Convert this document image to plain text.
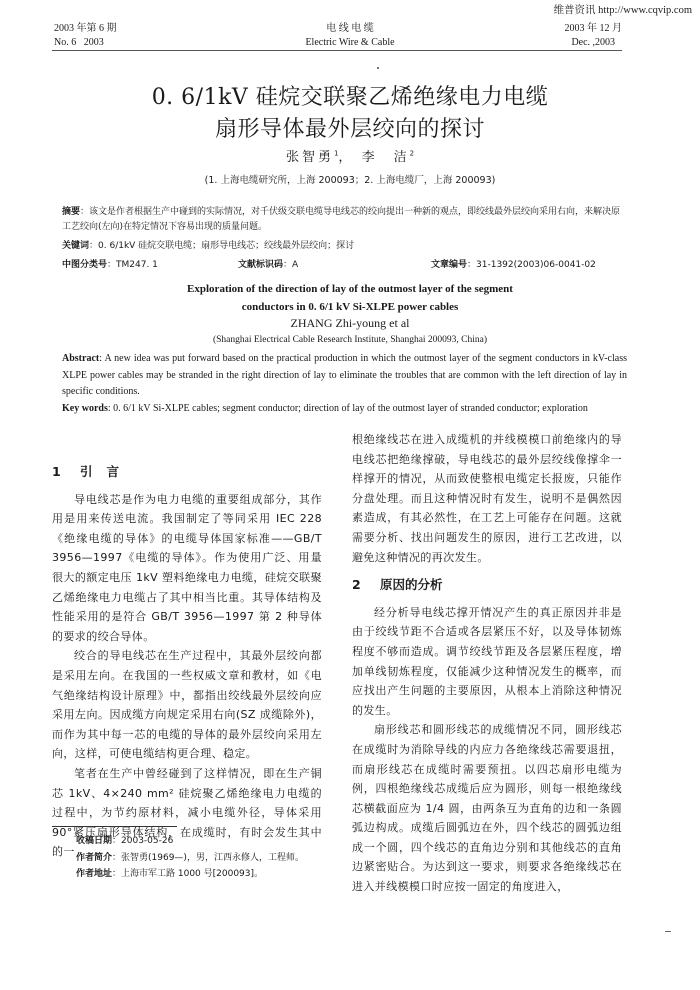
维普资讯 http://www.cqvip.com
2003 年第 6 期
No. 6   2003
电 线 电 缆
Electric Wire & Cable
2003 年 12 月
Dec. ,2003
0. 6/1kV 硅烷交联聚乙烯绝缘电力电缆
扇形导体最外层绞向的探讨
张智勇$^1$， 李　洁$^2$
(1. 上海电缆研究所，上海 200093；2. 上海电缆厂，上海 200093)
摘要：该文是作者根据生产中碰到的实际情况，对千伏级交联电缆导电线芯的绞向提出一种新的观点，即绞线最外层绞向采用右向，来解决原工艺绞向(左向)在特定情况下容易出现的质量问题。
关键词：0. 6/1kV 硅烷交联电缆；扇形导电线芯；绞线最外层绞向；探讨
中图分类号 ：TM247. 1	文献标识码 ：A	文章编号 ：31-1392(2003)06-0041-02
Exploration of the direction of lay of the outmost layer of the segment
conductors in 0. 6/1 kV Si-XLPE power cables
ZHANG Zhi-young et al
(Shanghai Electrical Cable Research Institute, Shanghai 200093, China)
Abstract: A new idea was put forward based on the practical production in which the outmost layer of the segment conductors in kV-class XLPE power cables may be stranded in the right direction of lay to eliminate the troubles that are common with the left direction of lay in specific conditions.
Key words: 0. 6/1 kV Si-XLPE cables; segment conductor; direction of lay of the outmost layer of stranded conductor; exploration
1 引言

导电线芯是作为电力电缆的重要组成部分，其作用是用来传送电流。我国制定了等同采用 IEC 228《绝缘电缆的导体》的电缆导体国家标准——GB/T 3956—1997《电缆的导体》。作为使用广泛、用量很大的额定电压 1kV 塑料绝缘电力电缆，硅烷交联聚乙烯绝缘电力电缆占了其中相当比重。其导体结构及性能采用的是符合 GB/T 3956—1997 第 2 种导体的要求的绞合导体。

绞合的导电线芯在生产过程中，其最外层绞向都是采用左向。在我国的一些权威文章和教材，如《电气绝缘结构设计原理》中，都指出绞线最外层绞向应采用左向。因成缆方向规定采用右向(SZ 成缆除外)，而作为其中每一芯的电缆的导体的最外层绞向采用左向，这样，可使电缆结构更合理、稳定。

笔者在生产中曾经碰到了这样情况，即在生产铜芯 1kV、4×240 mm² 硅烷聚乙烯绝缘电力电缆的过程中，为节约原材料，减小电缆外径，导体采用90°紧压扇形导体结构，在成缆时，有时会发生其中的一

根绝缘线芯在进入成缆机的并线模模口前绝缘内的导电线芯把绝缘撑破，导电线芯的最外层绞线像撑伞一样撑开的情况，从而致使整根电缆定长报废，只能作分盘处理。而且这种情况时有发生，说明不是偶然因素造成，有其必然性，在工艺上可能存在问题。这就需要分析、找出问题发生的原因，进行工艺改进，以避免这种情况的再次发生。

2 原因的分析

经分析导电线芯撑开情况产生的真正原因并非是由于绞线节距不合适或各层紧压不好，以及导体韧炼程度不够而造成。调节绞线节距及各层紧压程度，增加单线韧炼程度，仅能减少这种情况发生的概率，而应找出产生问题的主要原因，从根本上消除这种情况的发生。

扇形线芯和圆形线芯的成缆情况不同，圆形线芯在成缆时为消除导线的内应力各绝缘线芯需要退扭，而扇形线芯在成缆时需要预扭。以四芯扇形电缆为例，四根绝缘线芯成缆后应为圆形，则每一根绝缘线芯横截面应为 1/4 圆，由两条互为直角的边和一条圆弧边构成。成缆后圆弧边在外，四个线芯的圆弧边组成一个圆，四个线芯的直角边分别和其他线芯的直角边紧密贴合。为达到这一要求，则要求各绝缘线芯在进入并线模模口时应按一固定的角度进入，

收稿日期：2003-05-26
作者简介：张智勇(1969—)，男，江西永修人，工程师。
作者地址：上海市军工路 1000 号[200093]。
